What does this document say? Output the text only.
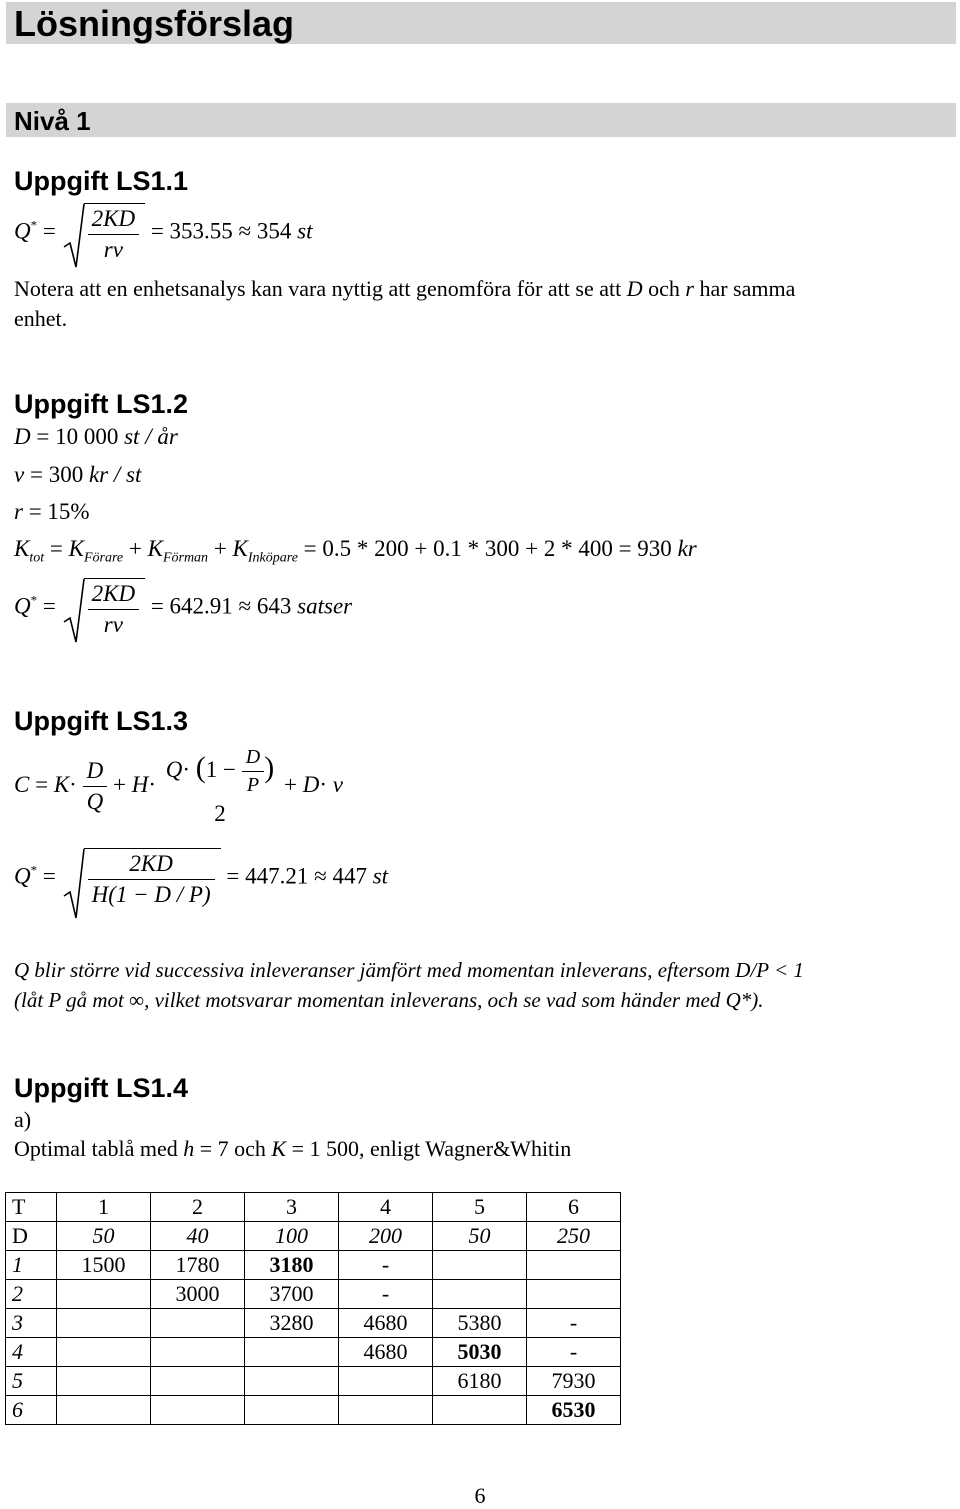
Lösningsförslag
Nivå 1
Uppgift LS1.1
$Q^* = \frac{2KD}{rv} = 353.55 \approx 354$ st
Notera att en enhetsanalys kan vara nyttig att genomföra för att se att D och r har samma
enhet.
Uppgift LS1.2
D = 10 000 st / år
v = 300 kr / st
r = 15%
$K_{tot} = K_{Förare} + K_{Förman} + K_{Inköpare} = 0.5 * 200 + 0.1 * 300 + 2 * 400 = 930$ kr
$Q^* = \frac{2KD}{rv} = 642.91 \approx 643$ satser
Uppgift LS1.3
$C = K\cdot \frac{D}{Q} + H\cdot$
$Q\cdot (1 - \frac{D}{P}$ )
2
+ D· v
$Q^* = \frac{2KD}{H(1 - D / P)} = 447.21 \approx 447$ st
Q blir större vid successiva inleveranser jämfört med momentan inleverans, eftersom D/P < 1
(låt P gå mot ∞, vilket motsvarar momentan inleverans, och se vad som händer med Q*).
Uppgift LS1.4
a)
Optimal tablå med h = 7 och K = 1 500, enligt Wagner&Whitin
T	1	2	3	4	5	6
D	50	40	100	200	50	250
1	1500	1780	3180	-		
2		3000	3700	-		
3			3280	4680	5380	-
4				4680	5030	-
5					6180	7930
6						6530
6
